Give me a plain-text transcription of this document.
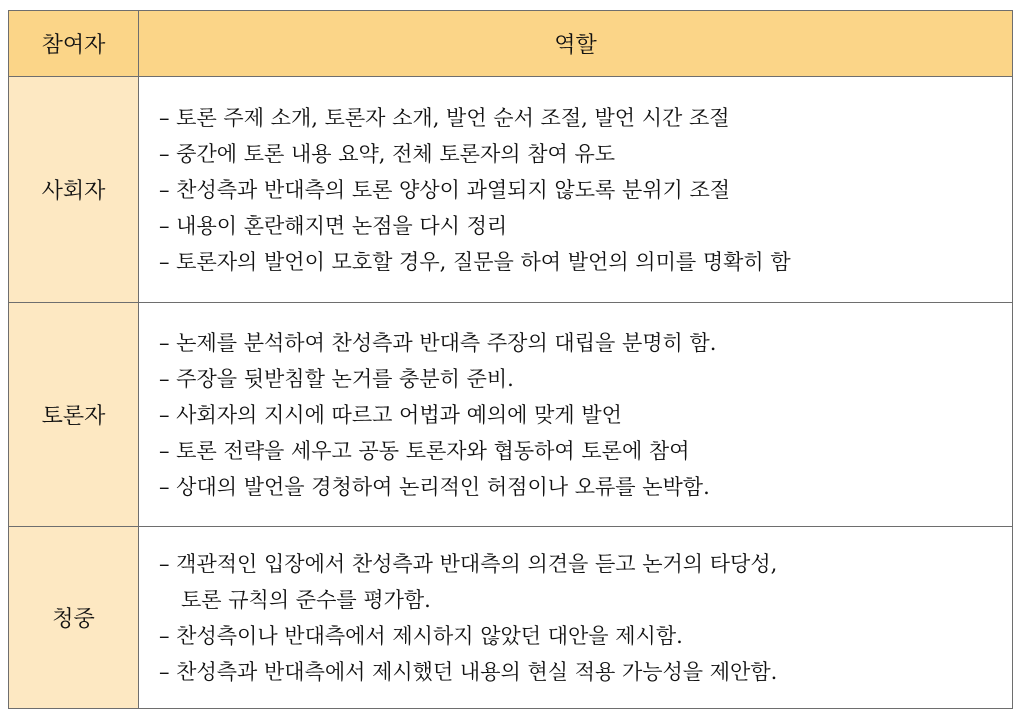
참여자	역할
사회자	– 토론 주제 소개, 토론자 소개, 발언 순서 조절, 발언 시간 조절
– 중간에 토론 내용 요약, 전체 토론자의 참여 유도
– 찬성측과 반대측의 토론 양상이 과열되지 않도록 분위기 조절
– 내용이 혼란해지면 논점을 다시 정리
– 토론자의 발언이 모호할 경우, 질문을 하여 발언의 의미를 명확히 함

토론자	– 논제를 분석하여 찬성측과 반대측 주장의 대립을 분명히 함.
– 주장을 뒷받침할 논거를 충분히 준비.
– 사회자의 지시에 따르고 어법과 예의에 맞게 발언
– 토론 전략을 세우고 공동 토론자와 협동하여 토론에 참여
– 상대의 발언을 경청하여 논리적인 허점이나 오류를 논박함.

청중	– 객관적인 입장에서 찬성측과 반대측의 의견을 듣고 논거의 타당성,
토론 규칙의 준수를 평가함.
– 찬성측이나 반대측에서 제시하지 않았던 대안을 제시함.
– 찬성측과 반대측에서 제시했던 내용의 현실 적용 가능성을 제안함.
